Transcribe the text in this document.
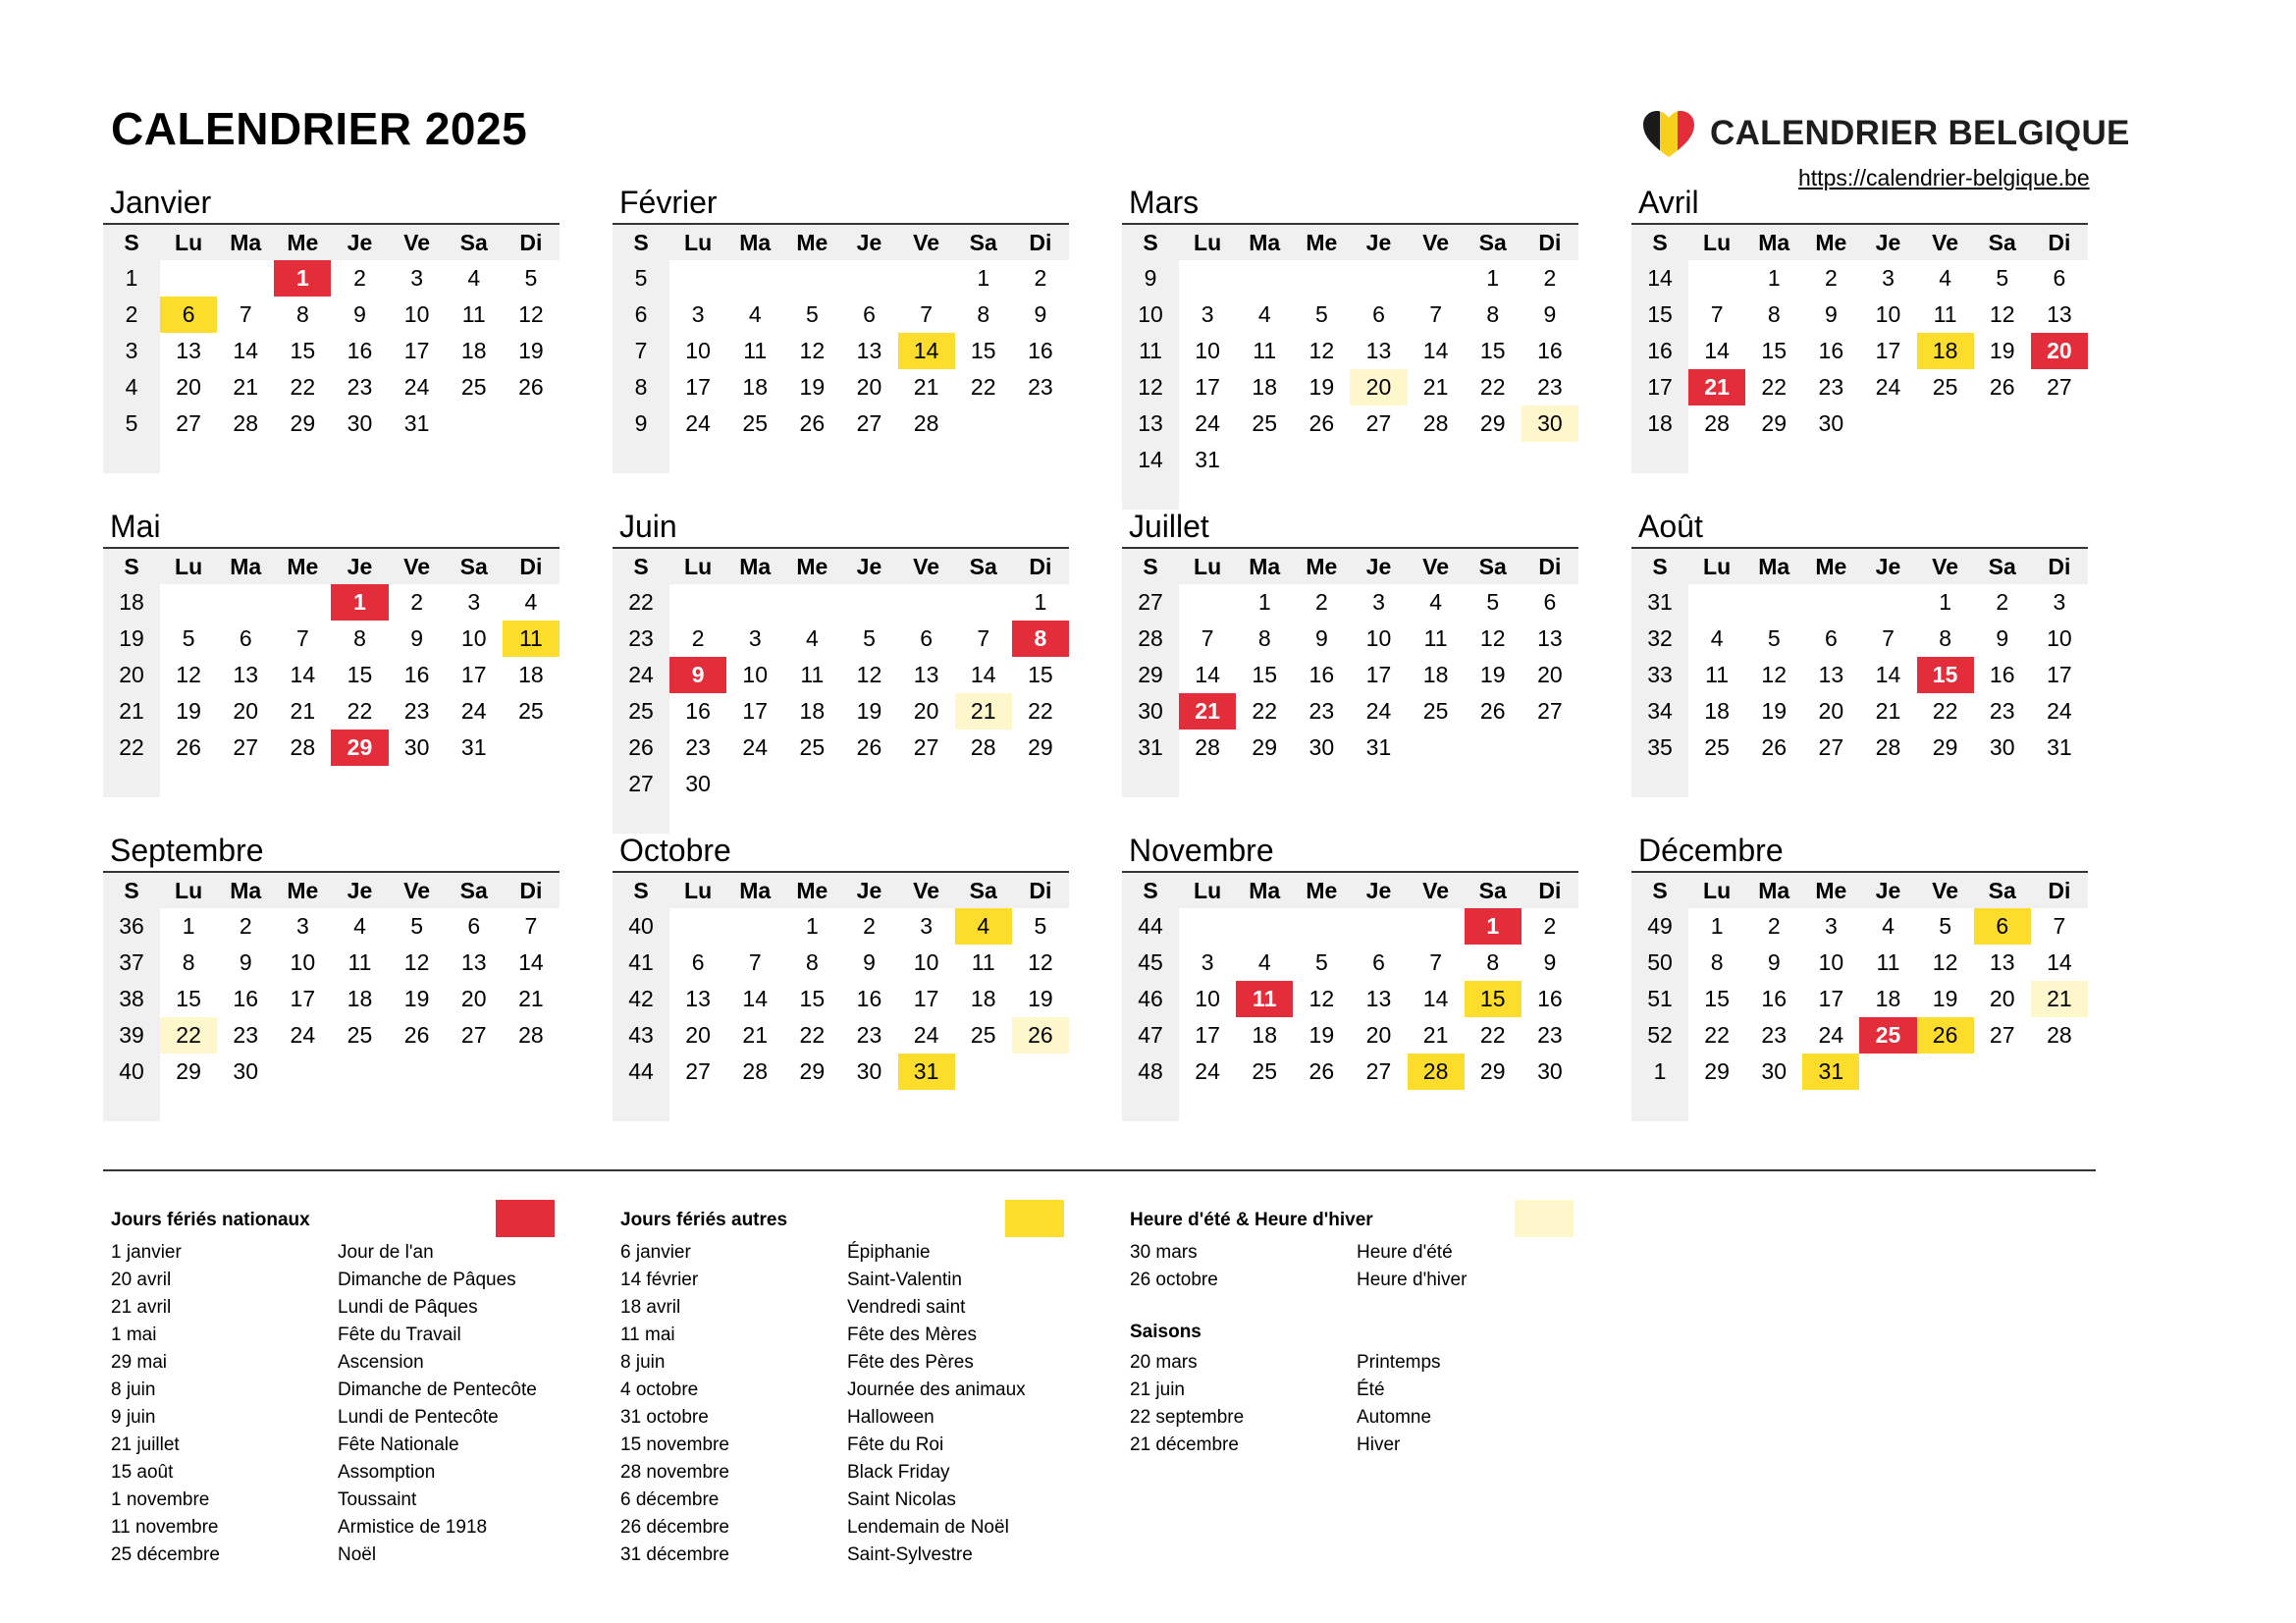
CALENDRIER 2025	CALENDRIER BELGIQUE
https://calendrier-belgique.be
Janvier
S	Lu	Ma	Me	Je	Ve	Sa	Di
1			1	2	3	4	5
2	6	7	8	9	10	11	12
3	13	14	15	16	17	18	19
4	20	21	22	23	24	25	26
5	27	28	29	30	31		

Février
S	Lu	Ma	Me	Je	Ve	Sa	Di
5						1	2
6	3	4	5	6	7	8	9
7	10	11	12	13	14	15	16
8	17	18	19	20	21	22	23
9	24	25	26	27	28		

Mars
S	Lu	Ma	Me	Je	Ve	Sa	Di
9						1	2
10	3	4	5	6	7	8	9
11	10	11	12	13	14	15	16
12	17	18	19	20	21	22	23
13	24	25	26	27	28	29	30
14	31						

Avril
S	Lu	Ma	Me	Je	Ve	Sa	Di
14		1	2	3	4	5	6
15	7	8	9	10	11	12	13
16	14	15	16	17	18	19	20
17	21	22	23	24	25	26	27
18	28	29	30				

Mai
S	Lu	Ma	Me	Je	Ve	Sa	Di
18				1	2	3	4
19	5	6	7	8	9	10	11
20	12	13	14	15	16	17	18
21	19	20	21	22	23	24	25
22	26	27	28	29	30	31	

Juin
S	Lu	Ma	Me	Je	Ve	Sa	Di
22							1
23	2	3	4	5	6	7	8
24	9	10	11	12	13	14	15
25	16	17	18	19	20	21	22
26	23	24	25	26	27	28	29
27	30						

Juillet
S	Lu	Ma	Me	Je	Ve	Sa	Di
27		1	2	3	4	5	6
28	7	8	9	10	11	12	13
29	14	15	16	17	18	19	20
30	21	22	23	24	25	26	27
31	28	29	30	31			

Août
S	Lu	Ma	Me	Je	Ve	Sa	Di
31					1	2	3
32	4	5	6	7	8	9	10
33	11	12	13	14	15	16	17
34	18	19	20	21	22	23	24
35	25	26	27	28	29	30	31

Septembre
S	Lu	Ma	Me	Je	Ve	Sa	Di
36	1	2	3	4	5	6	7
37	8	9	10	11	12	13	14
38	15	16	17	18	19	20	21
39	22	23	24	25	26	27	28
40	29	30					

Octobre
S	Lu	Ma	Me	Je	Ve	Sa	Di
40			1	2	3	4	5
41	6	7	8	9	10	11	12
42	13	14	15	16	17	18	19
43	20	21	22	23	24	25	26
44	27	28	29	30	31		

Novembre
S	Lu	Ma	Me	Je	Ve	Sa	Di
44						1	2
45	3	4	5	6	7	8	9
46	10	11	12	13	14	15	16
47	17	18	19	20	21	22	23
48	24	25	26	27	28	29	30

Décembre
S	Lu	Ma	Me	Je	Ve	Sa	Di
49	1	2	3	4	5	6	7
50	8	9	10	11	12	13	14
51	15	16	17	18	19	20	21
52	22	23	24	25	26	27	28
1	29	30	31				

Jours fériés nationaux
1 janvier	Jour de l'an
20 avril	Dimanche de Pâques
21 avril	Lundi de Pâques
1 mai	Fête du Travail
29 mai	Ascension
8 juin	Dimanche de Pentecôte
9 juin	Lundi de Pentecôte
21 juillet	Fête Nationale
15 août	Assomption
1 novembre	Toussaint
11 novembre	Armistice de 1918
25 décembre	Noël
Jours fériés autres
6 janvier	Épiphanie
14 février	Saint-Valentin
18 avril	Vendredi saint
11 mai	Fête des Mères
8 juin	Fête des Pères
4 octobre	Journée des animaux
31 octobre	Halloween
15 novembre	Fête du Roi
28 novembre	Black Friday
6 décembre	Saint Nicolas
26 décembre	Lendemain de Noël
31 décembre	Saint-Sylvestre
Heure d'été & Heure d'hiver
30 mars	Heure d'été
26 octobre	Heure d'hiver
Saisons
20 mars	Printemps
21 juin	Été
22 septembre	Automne
21 décembre	Hiver
